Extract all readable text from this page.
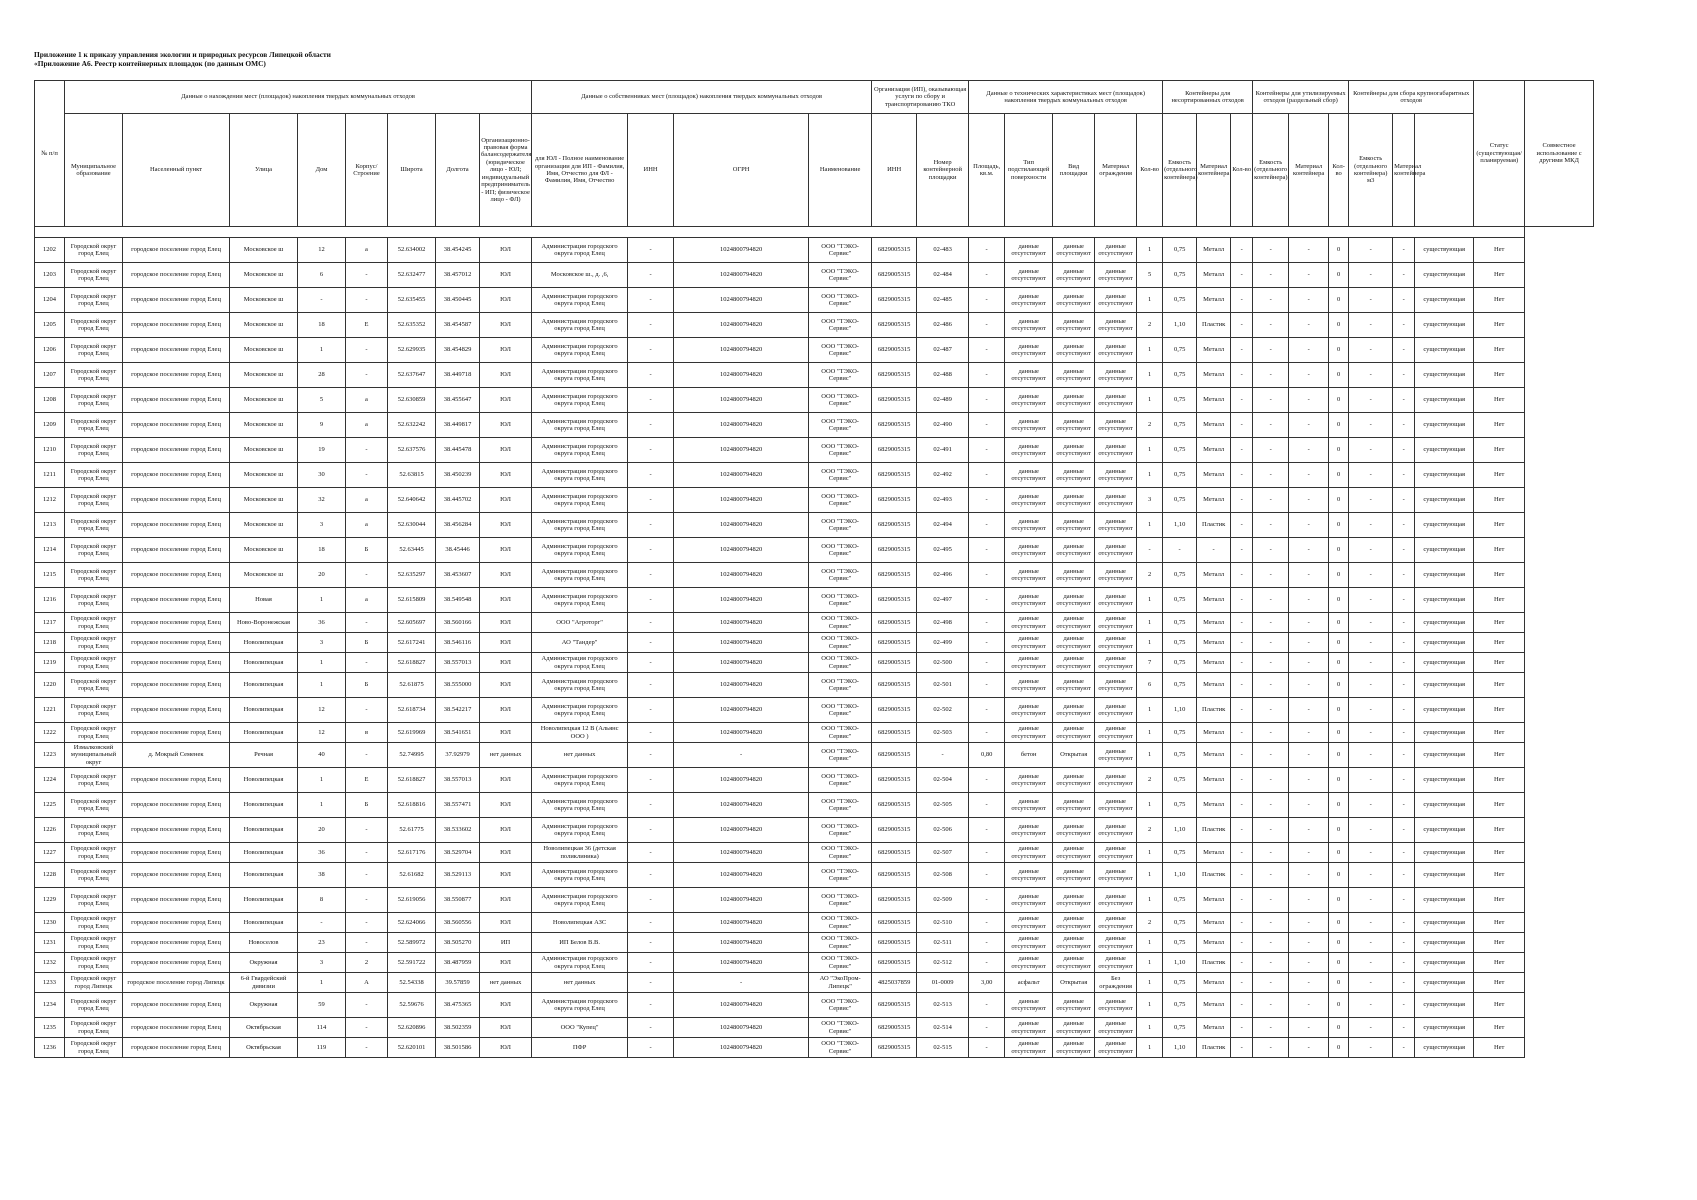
Приложение 1 к приказу управления экологии и природных ресурсов Липецкой области
«Приложение А6. Реестр контейнерных площадок (по данным ОМС)
№ п/п	Данные о нахождении мест (площадок) накопления твердых коммунальных отходов								Данные о собственниках мест (площадок) накопления твердых коммунальных отходов				Организация (ИП), оказывающая услуги по сбору и транспортированию ТКО		Данные о технических характеристиках мест (площадок) накопления твердых коммунальных отходов					Контейнеры для несортированных отходов			Контейнеры для утилизируемых отходов (раздельный сбор)			Контейнеры для сбора крупногабаритных отходов			Статус (существующая/ планируемая)	Совместное использование с другими МКД
	Муниципальное образование	Населенный пункт	Улица	Дом	Корпус/Строение	Широта	Долгота	Организационно-правовая форма балансодержателя (юридическое лицо - ЮЛ; индивидуальный предприниматель - ИП; физическое лицо - ФЛ)	для ЮЛ - Полное наименование организации для ИП - Фамилия, Имя, Отчество для ФЛ - Фамилия, Имя, Отчество	ИНН	ОГРН	Наименование	ИНН	Номер контейнерной площадки	Площадь, кв.м.	Тип подстилающей поверхности	Вид площадки	Материал ограждения	Кол-во	Емкость (отдельного контейнера)	Материал контейнера	Кол-во	Емкость (отдельного контейнера)	Материал контейнера	Кол-во	Емкость (отдельного контейнера) м3	Материал контейнера			

1202	Городской округ город Елец	городское поселение город Елец	Московское ш	12	а	52.634002	38.454245	ЮЛ	Администрация городского округа город Елец	-	1024800794820	ООО "ТЭКО-Сервис"	6829005315	02-483	-	данные отсутствуют	данные отсутствуют	данные отсутствуют	1	0,75	Металл	-	-	-	0	-	-	существующая	Нет	
1203	Городской округ город Елец	городское поселение город Елец	Московское ш	6	-	52.632477	38.457012	ЮЛ	Московское ш., д. ,6,	-	1024800794820	ООО "ТЭКО-Сервис"	6829005315	02-484	-	данные отсутствуют	данные отсутствуют	данные отсутствуют	5	0,75	Металл	-	-	-	0	-	-	существующая	Нет	
1204	Городской округ город Елец	городское поселение город Елец	Московское ш	-	-	52.635455	38.450445	ЮЛ	Администрация городского округа город Елец	-	1024800794820	ООО "ТЭКО-Сервис"	6829005315	02-485	-	данные отсутствуют	данные отсутствуют	данные отсутствуют	1	0,75	Металл	-	-	-	0	-	-	существующая	Нет	
1205	Городской округ город Елец	городское поселение город Елец	Московское ш	18	Е	52.635352	38.454587	ЮЛ	Администрация городского округа город Елец	-	1024800794820	ООО "ТЭКО-Сервис"	6829005315	02-486	-	данные отсутствуют	данные отсутствуют	данные отсутствуют	2	1,10	Пластик	-	-	-	0	-	-	существующая	Нет	
1206	Городской округ город Елец	городское поселение город Елец	Московское ш	1	-	52.629935	38.454829	ЮЛ	Администрация городского округа город Елец	-	1024800794820	ООО "ТЭКО-Сервис"	6829005315	02-487	-	данные отсутствуют	данные отсутствуют	данные отсутствуют	1	0,75	Металл	-	-	-	0	-	-	существующая	Нет	
1207	Городской округ город Елец	городское поселение город Елец	Московское ш	28	-	52.637647	38.449718	ЮЛ	Администрация городского округа город Елец	-	1024800794820	ООО "ТЭКО-Сервис"	6829005315	02-488	-	данные отсутствуют	данные отсутствуют	данные отсутствуют	1	0,75	Металл	-	-	-	0	-	-	существующая	Нет	
1208	Городской округ город Елец	городское поселение город Елец	Московское ш	5	а	52.630859	38.455647	ЮЛ	Администрация городского округа город Елец	-	1024800794820	ООО "ТЭКО-Сервис"	6829005315	02-489	-	данные отсутствуют	данные отсутствуют	данные отсутствуют	1	0,75	Металл	-	-	-	0	-	-	существующая	Нет	
1209	Городской округ город Елец	городское поселение город Елец	Московское ш	9	а	52.632242	38.449817	ЮЛ	Администрация городского округа город Елец	-	1024800794820	ООО "ТЭКО-Сервис"	6829005315	02-490	-	данные отсутствуют	данные отсутствуют	данные отсутствуют	2	0,75	Металл	-	-	-	0	-	-	существующая	Нет	
1210	Городской округ город Елец	городское поселение город Елец	Московское ш	19	-	52.637576	38.445478	ЮЛ	Администрация городского округа город Елец	-	1024800794820	ООО "ТЭКО-Сервис"	6829005315	02-491	-	данные отсутствуют	данные отсутствуют	данные отсутствуют	1	0,75	Металл	-	-	-	0	-	-	существующая	Нет	
1211	Городской округ город Елец	городское поселение город Елец	Московское ш	30	-	52.63815	38.450239	ЮЛ	Администрация городского округа город Елец	-	1024800794820	ООО "ТЭКО-Сервис"	6829005315	02-492	-	данные отсутствуют	данные отсутствуют	данные отсутствуют	1	0,75	Металл	-	-	-	0	-	-	существующая	Нет	
1212	Городской округ город Елец	городское поселение город Елец	Московское ш	32	а	52.640642	38.445702	ЮЛ	Администрация городского округа город Елец	-	1024800794820	ООО "ТЭКО-Сервис"	6829005315	02-493	-	данные отсутствуют	данные отсутствуют	данные отсутствуют	3	0,75	Металл	-	-	-	0	-	-	существующая	Нет	
1213	Городской округ город Елец	городское поселение город Елец	Московское ш	3	а	52.630044	38.456284	ЮЛ	Администрация городского округа город Елец	-	1024800794820	ООО "ТЭКО-Сервис"	6829005315	02-494	-	данные отсутствуют	данные отсутствуют	данные отсутствуют	1	1,10	Пластик	-	-	-	0	-	-	существующая	Нет	
1214	Городской округ город Елец	городское поселение город Елец	Московское ш	18	Б	52.63445	38.45446	ЮЛ	Администрация городского округа город Елец	-	1024800794820	ООО "ТЭКО-Сервис"	6829005315	02-495	-	данные отсутствуют	данные отсутствуют	данные отсутствуют	-	-	-	-	-	-	0	-	-	существующая	Нет	
1215	Городской округ город Елец	городское поселение город Елец	Московское ш	20	-	52.635297	38.453607	ЮЛ	Администрация городского округа город Елец	-	1024800794820	ООО "ТЭКО-Сервис"	6829005315	02-496	-	данные отсутствуют	данные отсутствуют	данные отсутствуют	2	0,75	Металл	-	-	-	0	-	-	существующая	Нет	
1216	Городской округ город Елец	городское поселение город Елец	Новая	1	а	52.615809	38.549548	ЮЛ	Администрация городского округа город Елец	-	1024800794820	ООО "ТЭКО-Сервис"	6829005315	02-497	-	данные отсутствуют	данные отсутствуют	данные отсутствуют	1	0,75	Металл	-	-	-	0	-	-	существующая	Нет	
1217	Городской округ город Елец	городское поселение город Елец	Ново-Воронежская	36	-	52.605697	38.560166	ЮЛ	ООО "Агроторг"	-	1024800794820	ООО "ТЭКО-Сервис"	6829005315	02-498	-	данные отсутствуют	данные отсутствуют	данные отсутствуют	1	0,75	Металл	-	-	-	0	-	-	существующая	Нет	
1218	Городской округ город Елец	городское поселение город Елец	Новолипецкая	3	Б	52.617241	38.546116	ЮЛ	АО "Тандер"	-	1024800794820	ООО "ТЭКО-Сервис"	6829005315	02-499	-	данные отсутствуют	данные отсутствуют	данные отсутствуют	1	0,75	Металл	-	-	-	0	-	-	существующая	Нет	
1219	Городской округ город Елец	городское поселение город Елец	Новолипецкая	1	-	52.618827	38.557013	ЮЛ	Администрация городского округа город Елец	-	1024800794820	ООО "ТЭКО-Сервис"	6829005315	02-500	-	данные отсутствуют	данные отсутствуют	данные отсутствуют	7	0,75	Металл	-	-	-	0	-	-	существующая	Нет	
1220	Городской округ город Елец	городское поселение город Елец	Новолипецкая	1	Б	52.61875	38.555000	ЮЛ	Администрация городского округа город Елец	-	1024800794820	ООО "ТЭКО-Сервис"	6829005315	02-501	-	данные отсутствуют	данные отсутствуют	данные отсутствуют	6	0,75	Металл	-	-	-	0	-	-	существующая	Нет	
1221	Городской округ город Елец	городское поселение город Елец	Новолипецкая	12	-	52.618734	38.542217	ЮЛ	Администрация городского округа город Елец	-	1024800794820	ООО "ТЭКО-Сервис"	6829005315	02-502	-	данные отсутствуют	данные отсутствуют	данные отсутствуют	1	1,10	Пластик	-	-	-	0	-	-	существующая	Нет	
1222	Городской округ город Елец	городское поселение город Елец	Новолипецкая	12	в	52.619969	38.541651	ЮЛ	Новолипецкая 12 В (Альянс ООО )	-	1024800794820	ООО "ТЭКО-Сервис"	6829005315	02-503	-	данные отсутствуют	данные отсутствуют	данные отсутствуют	1	0,75	Металл	-	-	-	0	-	-	существующая	Нет	
1223	Измалковский муниципальный округ	д. Мокрый Семенек	Речная	40	-	52.74995	37.92979	нет данных	нет данных	-	-	ООО "ТЭКО-Сервис"	6829005315	-	0,80	бетон	Открытая	данные отсутствуют	1	0,75	Металл	-	-	-	0	-	-	существующая	Нет	
1224	Городской округ город Елец	городское поселение город Елец	Новолипецкая	1	Е	52.618827	38.557013	ЮЛ	Администрация городского округа город Елец	-	1024800794820	ООО "ТЭКО-Сервис"	6829005315	02-504	-	данные отсутствуют	данные отсутствуют	данные отсутствуют	2	0,75	Металл	-	-	-	0	-	-	существующая	Нет	
1225	Городской округ город Елец	городское поселение город Елец	Новолипецкая	1	Б	52.618816	38.557471	ЮЛ	Администрация городского округа город Елец	-	1024800794820	ООО "ТЭКО-Сервис"	6829005315	02-505	-	данные отсутствуют	данные отсутствуют	данные отсутствуют	1	0,75	Металл	-	-	-	0	-	-	существующая	Нет	
1226	Городской округ город Елец	городское поселение город Елец	Новолипецкая	20	-	52.61775	38.533602	ЮЛ	Администрация городского округа город Елец	-	1024800794820	ООО "ТЭКО-Сервис"	6829005315	02-506	-	данные отсутствуют	данные отсутствуют	данные отсутствуют	2	1,10	Пластик	-	-	-	0	-	-	существующая	Нет	
1227	Городской округ город Елец	городское поселение город Елец	Новолипецкая	36	-	52.617176	38.529704	ЮЛ	Новолипецкая 36 (детская поликлиника)	-	1024800794820	ООО "ТЭКО-Сервис"	6829005315	02-507	-	данные отсутствуют	данные отсутствуют	данные отсутствуют	1	0,75	Металл	-	-	-	0	-	-	существующая	Нет	
1228	Городской округ город Елец	городское поселение город Елец	Новолипецкая	38	-	52.61682	38.529113	ЮЛ	Администрация городского округа город Елец	-	1024800794820	ООО "ТЭКО-Сервис"	6829005315	02-508	-	данные отсутствуют	данные отсутствуют	данные отсутствуют	1	1,10	Пластик	-	-	-	0	-	-	существующая	Нет	
1229	Городской округ город Елец	городское поселение город Елец	Новолипецкая	8	-	52.619056	38.550877	ЮЛ	Администрация городского округа город Елец	-	1024800794820	ООО "ТЭКО-Сервис"	6829005315	02-509	-	данные отсутствуют	данные отсутствуют	данные отсутствуют	1	0,75	Металл	-	-	-	0	-	-	существующая	Нет	
1230	Городской округ город Елец	городское поселение город Елец	Новолипецкая	-	-	52.624066	38.560556	ЮЛ	Новолипецкая АЗС	-	1024800794820	ООО "ТЭКО-Сервис"	6829005315	02-510	-	данные отсутствуют	данные отсутствуют	данные отсутствуют	2	0,75	Металл	-	-	-	0	-	-	существующая	Нет	
1231	Городской округ город Елец	городское поселение город Елец	Новоселов	23	-	52.589972	38.505270	ИП	ИП Белов В.В.	-	1024800794820	ООО "ТЭКО-Сервис"	6829005315	02-511	-	данные отсутствуют	данные отсутствуют	данные отсутствуют	1	0,75	Металл	-	-	-	0	-	-	существующая	Нет	
1232	Городской округ город Елец	городское поселение город Елец	Окружная	3	2	52.591722	38.487959	ЮЛ	Администрация городского округа город Елец	-	1024800794820	ООО "ТЭКО-Сервис"	6829005315	02-512	-	данные отсутствуют	данные отсутствуют	данные отсутствуют	1	1,10	Пластик	-	-	-	0	-	-	существующая	Нет	
1233	Городской округ город Липецк	городское поселение город Липецк	6-й Гвардейский дивизии	1	А	52.54338	39.57859	нет данных	нет данных	-	-	АО "ЭкоПром-Липецк"	4825037859	01-0009	3,00	асфальт	Открытая	Без ограждения	1	0,75	Металл	-	-	-	0	-	-	существующая	Нет	
1234	Городской округ город Елец	городское поселение город Елец	Окружная	59	-	52.59676	38.475365	ЮЛ	Администрация городского округа город Елец	-	1024800794820	ООО "ТЭКО-Сервис"	6829005315	02-513	-	данные отсутствуют	данные отсутствуют	данные отсутствуют	1	0,75	Металл	-	-	-	0	-	-	существующая	Нет	
1235	Городской округ город Елец	городское поселение город Елец	Октябрьская	114	-	52.620896	38.502359	ЮЛ	ООО "Купец"	-	1024800794820	ООО "ТЭКО-Сервис"	6829005315	02-514	-	данные отсутствуют	данные отсутствуют	данные отсутствуют	1	0,75	Металл	-	-	-	0	-	-	существующая	Нет	
1236	Городской округ город Елец	городское поселение город Елец	Октябрьская	119	-	52.620101	38.501586	ЮЛ	ПФР	-	1024800794820	ООО "ТЭКО-Сервис"	6829005315	02-515	-	данные отсутствуют	данные отсутствуют	данные отсутствуют	1	1,10	Пластик	-	-	-	0	-	-	существующая	Нет	
